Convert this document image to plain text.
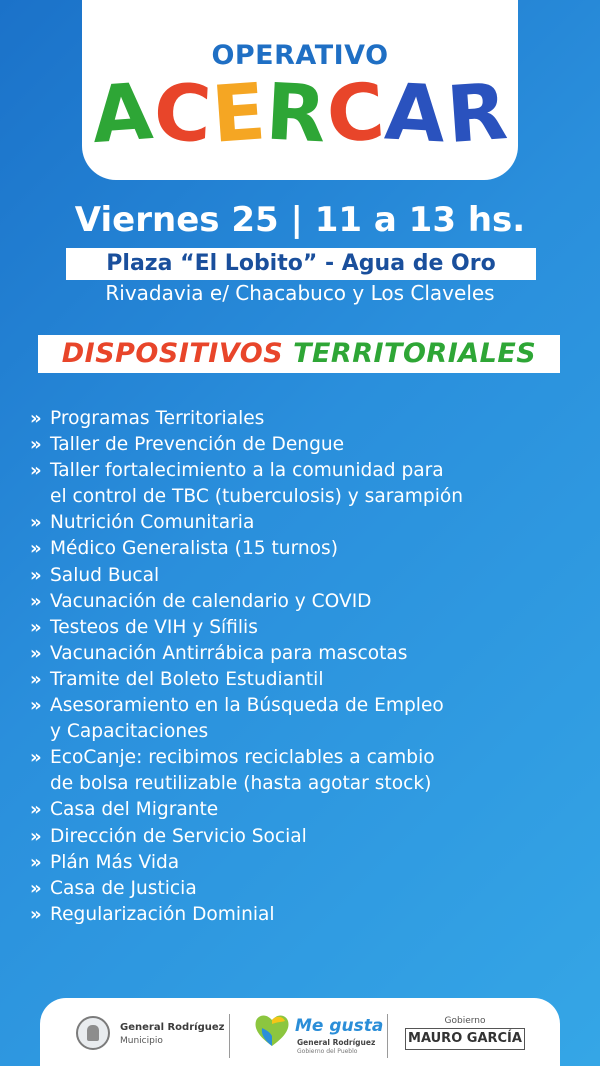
OPERATIVO
ACERCAR
Viernes 25 | 11 a 13 hs.
Plaza “El Lobito” - Agua de Oro
Rivadavia e/ Chacabuco y Los Claveles
DISPOSITIVOS TERRITORIALES
» Programas Territoriales
» Taller de Prevención de Dengue
» Taller fortalecimiento a la comunidad para
el control de TBC (tuberculosis) y sarampión
» Nutrición Comunitaria
» Médico Generalista (15 turnos)
» Salud Bucal
» Vacunación de calendario y COVID
» Testeos de VIH y Sífilis
» Vacunación Antirrábica para mascotas
» Tramite del Boleto Estudiantil
» Asesoramiento en la Búsqueda de Empleo
y Capacitaciones
» EcoCanje: recibimos reciclables a cambio
de bolsa reutilizable (hasta agotar stock)
» Casa del Migrante
» Dirección de Servicio Social
» Plán Más Vida
» Casa de Justicia
» Regularización Dominial
General Rodríguez
Municipio
Me gusta
General Rodríguez
Gobierno del Pueblo
Gobierno
MAURO GARCÍA
